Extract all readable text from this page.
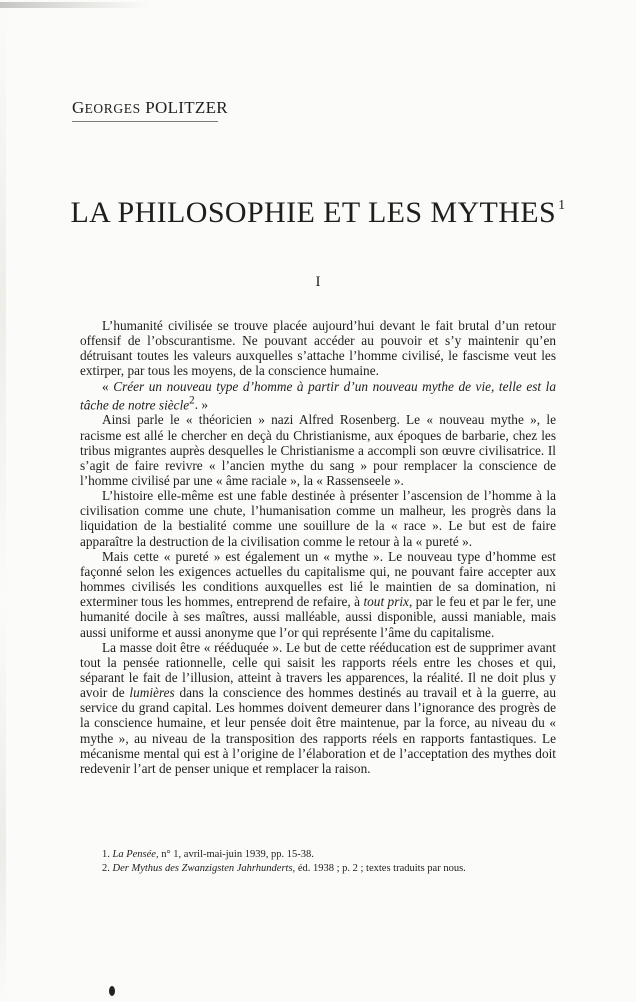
GEORGES POLITZER
LA PHILOSOPHIE ET LES MYTHES $^1$
I

L’humanité civilisée se trouve placée aujourd’hui devant le fait brutal d’un retour offensif de l’obscurantisme. Ne pouvant accéder au pouvoir et s’y maintenir qu’en détruisant toutes les valeurs auxquelles s’attache l’homme civilisé, le fascisme veut les extirper, par tous les moyens, de la conscience humaine.

« Créer un nouveau type d’homme à partir d’un nouveau mythe de vie, telle est la tâche de notre siècle$^2$. »

Ainsi parle le « théoricien » nazi Alfred Rosenberg. Le « nouveau mythe », le racisme est allé le chercher en deçà du Christianisme, aux époques de barbarie, chez les tribus migrantes auprès desquelles le Christianisme a accompli son œuvre civilisatrice. Il s’agit de faire revivre « l’ancien mythe du sang » pour remplacer la conscience de l’homme civilisé par une « âme raciale », la « Rassenseele ».

L’histoire elle-même est une fable destinée à présenter l’ascension de l’homme à la civilisation comme une chute, l’humanisation comme un malheur, les progrès dans la liquidation de la bestialité comme une souillure de la « race ». Le but est de faire apparaître la destruction de la civilisation comme le retour à la « pureté ».

Mais cette « pureté » est également un « mythe ». Le nouveau type d’homme est façonné selon les exigences actuelles du capitalisme qui, ne pouvant faire accepter aux hommes civilisés les conditions auxquelles est lié le maintien de sa domination, ni exterminer tous les hommes, entreprend de refaire, à tout prix, par le feu et par le fer, une humanité docile à ses maîtres, aussi malléable, aussi disponible, aussi maniable, mais aussi uniforme et aussi anonyme que l’or qui représente l’âme du capitalisme.

La masse doit être « rééduquée ». Le but de cette rééducation est de supprimer avant tout la pensée rationnelle, celle qui saisit les rapports réels entre les choses et qui, séparant le fait de l’illusion, atteint à travers les apparences, la réalité. Il ne doit plus y avoir de lumières dans la conscience des hommes destinés au travail et à la guerre, au service du grand capital. Les hommes doivent demeurer dans l’ignorance des progrès de la conscience humaine, et leur pensée doit être maintenue, par la force, au niveau du « mythe », au niveau de la transposition des rapports réels en rapports fantastiques. Le mécanisme mental qui est à l’origine de l’élaboration et de l’acceptation des mythes doit redevenir l’art de penser unique et remplacer la raison.

1. La Pensée, n° 1, avril-mai-juin 1939, pp. 15-38.
2. Der Mythus des Zwanzigsten Jahrhunderts, éd. 1938 ; p. 2 ; textes traduits par nous.
